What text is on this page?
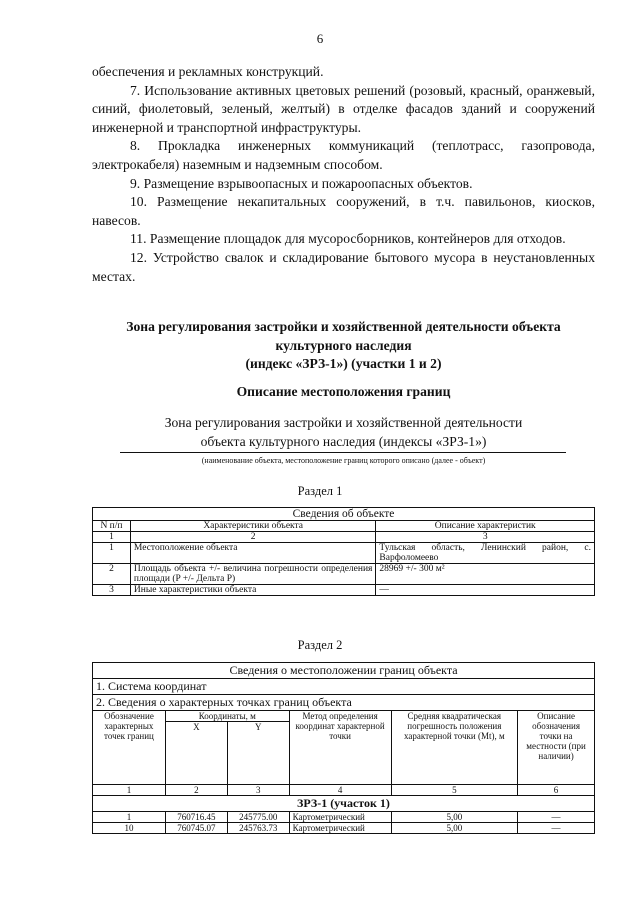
6

обеспечения и рекламных конструкций.

7. Использование активных цветовых решений (розовый, красный, оранжевый, синий, фиолетовый, зеленый, желтый) в отделке фасадов зданий и сооружений инженерной и транспортной инфраструктуры.

8. Прокладка инженерных коммуникаций (теплотрасс, газопровода, электрокабеля) наземным и надземным способом.

9. Размещение взрывоопасных и пожароопасных объектов.

10. Размещение некапитальных сооружений, в т.ч. павильонов, киосков, навесов.

11. Размещение площадок для мусоросборников, контейнеров для отходов.

12. Устройство свалок и складирование бытового мусора в неустановленных местах.

Зона регулирования застройки и хозяйственной деятельности объекта
культурного наследия
(индекс «ЗРЗ-1») (участки 1 и 2)
Описание местоположения границ
Зона регулирования застройки и хозяйственной деятельности
объекта культурного наследия (индексы «ЗРЗ-1»)
(наименование объекта, местоположение границ которого описано (далее - объект)
Раздел 1
Сведения об объекте		
N п/п	Характеристики объекта	Описание характеристик
1	2	3
1	Местоположение объекта	Тульская область, Ленинский район, с. Варфоломеево
2	Площадь объекта +/- величина погрешности определения площади (P +/- Дельта P)	28969 +/- 300 м²
3	Иные характеристики объекта	—
Раздел 2
Сведения о местоположении границ объекта					
1. Система координат					
2. Сведения о характерных точках границ объекта					
Обозначение характерных точек границ	Координаты, м		Метод определения координат характерной точки	Средняя квадратическая погрешность положения характерной точки (Mt), м	Описание обозначения точки на местности (при наличии)
	X	Y			
1	2	3	4	5	6
ЗРЗ-1 (участок 1)					
1	760716.45	245775.00	Картометрический	5,00	—
10	760745.07	245763.73	Картометрический	5,00	—
